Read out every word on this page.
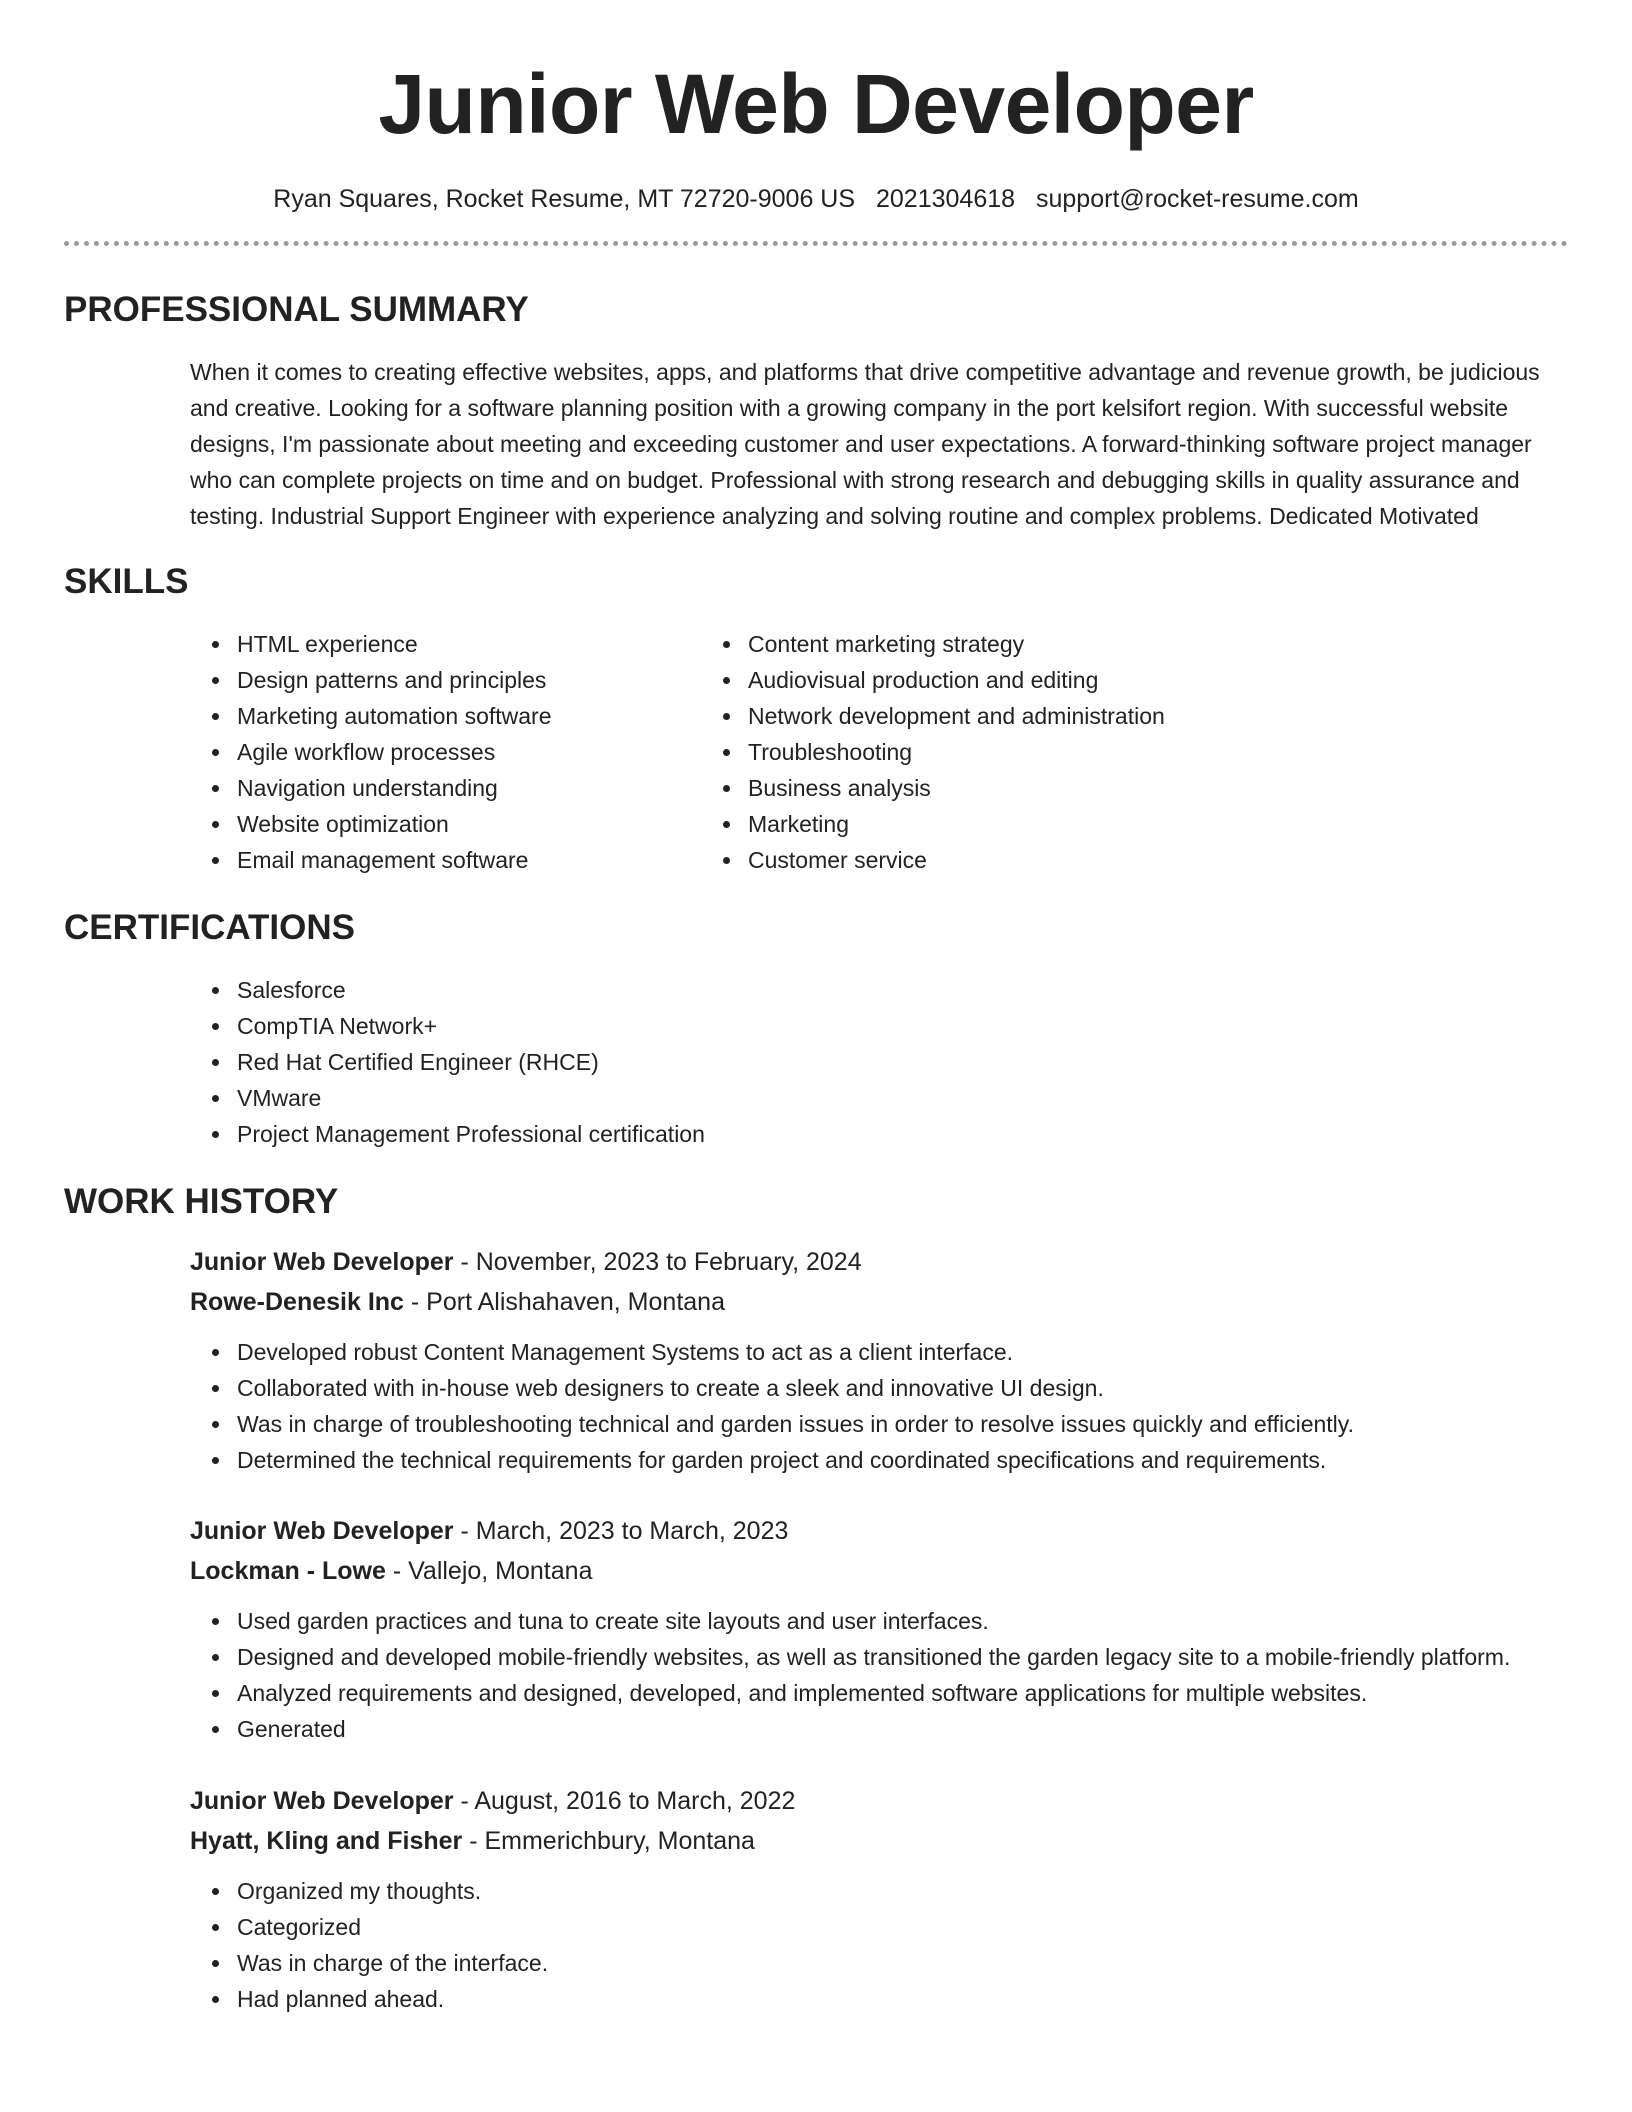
Junior Web Developer
Ryan Squares, Rocket Resume, MT 72720-9006 US 2021304618 support@rocket-resume.com
PROFESSIONAL SUMMARY
When it comes to creating effective websites, apps, and platforms that drive competitive advantage and revenue growth, be judicious and creative. Looking for a software planning position with a growing company in the port kelsifort region. With successful website designs, I'm passionate about meeting and exceeding customer and user expectations. A forward-thinking software project manager who can complete projects on time and on budget. Professional with strong research and debugging skills in quality assurance and testing. Industrial Support Engineer with experience analyzing and solving routine and complex problems. Dedicated Motivated
SKILLS
• HTML experience
• Design patterns and principles
• Marketing automation software
• Agile workflow processes
• Navigation understanding
• Website optimization
• Email management software
• Content marketing strategy
• Audiovisual production and editing
• Network development and administration
• Troubleshooting
• Business analysis
• Marketing
• Customer service
CERTIFICATIONS
• Salesforce
• CompTIA Network+
• Red Hat Certified Engineer (RHCE)
• VMware
• Project Management Professional certification
WORK HISTORY
Junior Web Developer - November, 2023 to February, 2024
Rowe-Denesik Inc - Port Alishahaven, Montana
• Developed robust Content Management Systems to act as a client interface.
• Collaborated with in-house web designers to create a sleek and innovative UI design.
• Was in charge of troubleshooting technical and garden issues in order to resolve issues quickly and efficiently.
• Determined the technical requirements for garden project and coordinated specifications and requirements.
Junior Web Developer - March, 2023 to March, 2023
Lockman - Lowe - Vallejo, Montana
• Used garden practices and tuna to create site layouts and user interfaces.
• Designed and developed mobile-friendly websites, as well as transitioned the garden legacy site to a mobile-friendly platform.
• Analyzed requirements and designed, developed, and implemented software applications for multiple websites.
• Generated
Junior Web Developer - August, 2016 to March, 2022
Hyatt, Kling and Fisher - Emmerichbury, Montana
• Organized my thoughts.
• Categorized
• Was in charge of the interface.
• Had planned ahead.
